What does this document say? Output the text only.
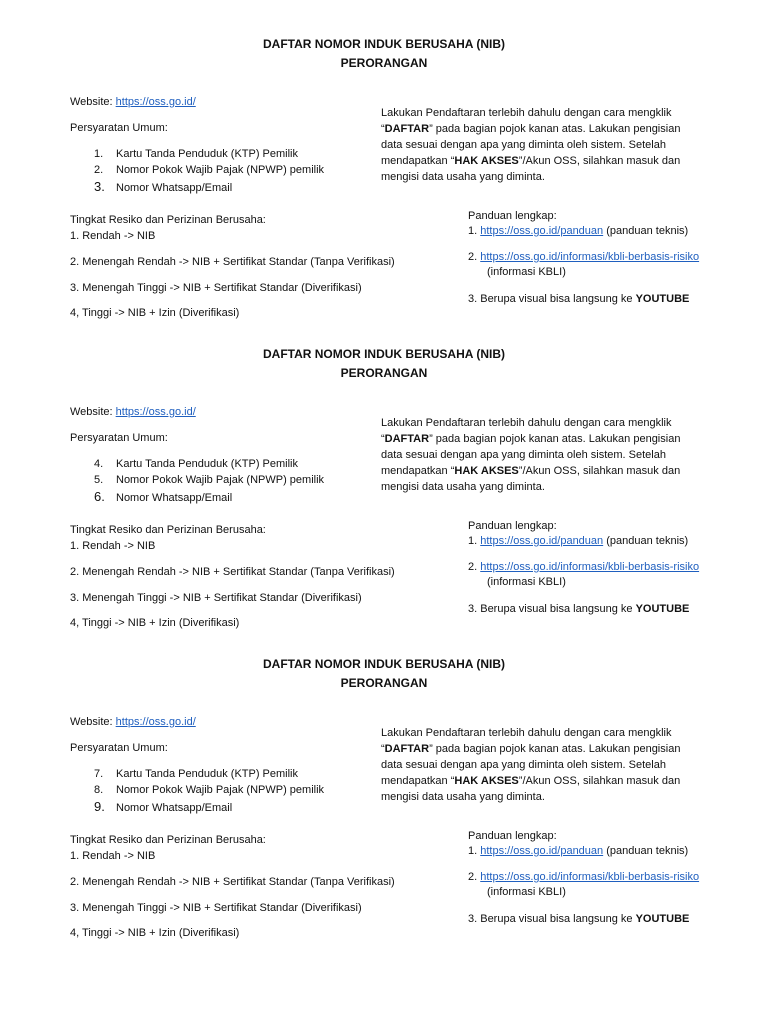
DAFTAR NOMOR INDUK BERUSAHA (NIB)
PERORANGAN
Website: https://oss.go.id/
Persyaratan Umum:
1. Kartu Tanda Penduduk (KTP) Pemilik
2. Nomor Pokok Wajib Pajak (NPWP) pemilik
3. Nomor Whatsapp/Email
Lakukan Pendaftaran terlebih dahulu dengan cara mengklik
“DAFTAR” pada bagian pojok kanan atas. Lakukan pengisian
data sesuai dengan apa yang diminta oleh sistem. Setelah
mendapatkan “HAK AKSES”/Akun OSS, silahkan masuk dan
mengisi data usaha yang diminta.
Tingkat Resiko dan Perizinan Berusaha:
1. Rendah -> NIB
2. Menengah Rendah -> NIB + Sertifikat Standar (Tanpa Verifikasi)
3. Menengah Tinggi -> NIB + Sertifikat Standar (Diverifikasi)
4, Tinggi -> NIB + Izin (Diverifikasi)
Panduan lengkap:
1. https://oss.go.id/panduan (panduan teknis)
2. https://oss.go.id/informasi/kbli-berbasis-risiko
(informasi KBLI)
3. Berupa visual bisa langsung ke YOUTUBE
DAFTAR NOMOR INDUK BERUSAHA (NIB)
PERORANGAN
Website: https://oss.go.id/
Persyaratan Umum:
4. Kartu Tanda Penduduk (KTP) Pemilik
5. Nomor Pokok Wajib Pajak (NPWP) pemilik
6. Nomor Whatsapp/Email
Lakukan Pendaftaran terlebih dahulu dengan cara mengklik
“DAFTAR” pada bagian pojok kanan atas. Lakukan pengisian
data sesuai dengan apa yang diminta oleh sistem. Setelah
mendapatkan “HAK AKSES”/Akun OSS, silahkan masuk dan
mengisi data usaha yang diminta.
Tingkat Resiko dan Perizinan Berusaha:
1. Rendah -> NIB
2. Menengah Rendah -> NIB + Sertifikat Standar (Tanpa Verifikasi)
3. Menengah Tinggi -> NIB + Sertifikat Standar (Diverifikasi)
4, Tinggi -> NIB + Izin (Diverifikasi)
Panduan lengkap:
1. https://oss.go.id/panduan (panduan teknis)
2. https://oss.go.id/informasi/kbli-berbasis-risiko
(informasi KBLI)
3. Berupa visual bisa langsung ke YOUTUBE
DAFTAR NOMOR INDUK BERUSAHA (NIB)
PERORANGAN
Website: https://oss.go.id/
Persyaratan Umum:
7. Kartu Tanda Penduduk (KTP) Pemilik
8. Nomor Pokok Wajib Pajak (NPWP) pemilik
9. Nomor Whatsapp/Email
Lakukan Pendaftaran terlebih dahulu dengan cara mengklik
“DAFTAR” pada bagian pojok kanan atas. Lakukan pengisian
data sesuai dengan apa yang diminta oleh sistem. Setelah
mendapatkan “HAK AKSES”/Akun OSS, silahkan masuk dan
mengisi data usaha yang diminta.
Tingkat Resiko dan Perizinan Berusaha:
1. Rendah -> NIB
2. Menengah Rendah -> NIB + Sertifikat Standar (Tanpa Verifikasi)
3. Menengah Tinggi -> NIB + Sertifikat Standar (Diverifikasi)
4, Tinggi -> NIB + Izin (Diverifikasi)
Panduan lengkap:
1. https://oss.go.id/panduan (panduan teknis)
2. https://oss.go.id/informasi/kbli-berbasis-risiko
(informasi KBLI)
3. Berupa visual bisa langsung ke YOUTUBE
